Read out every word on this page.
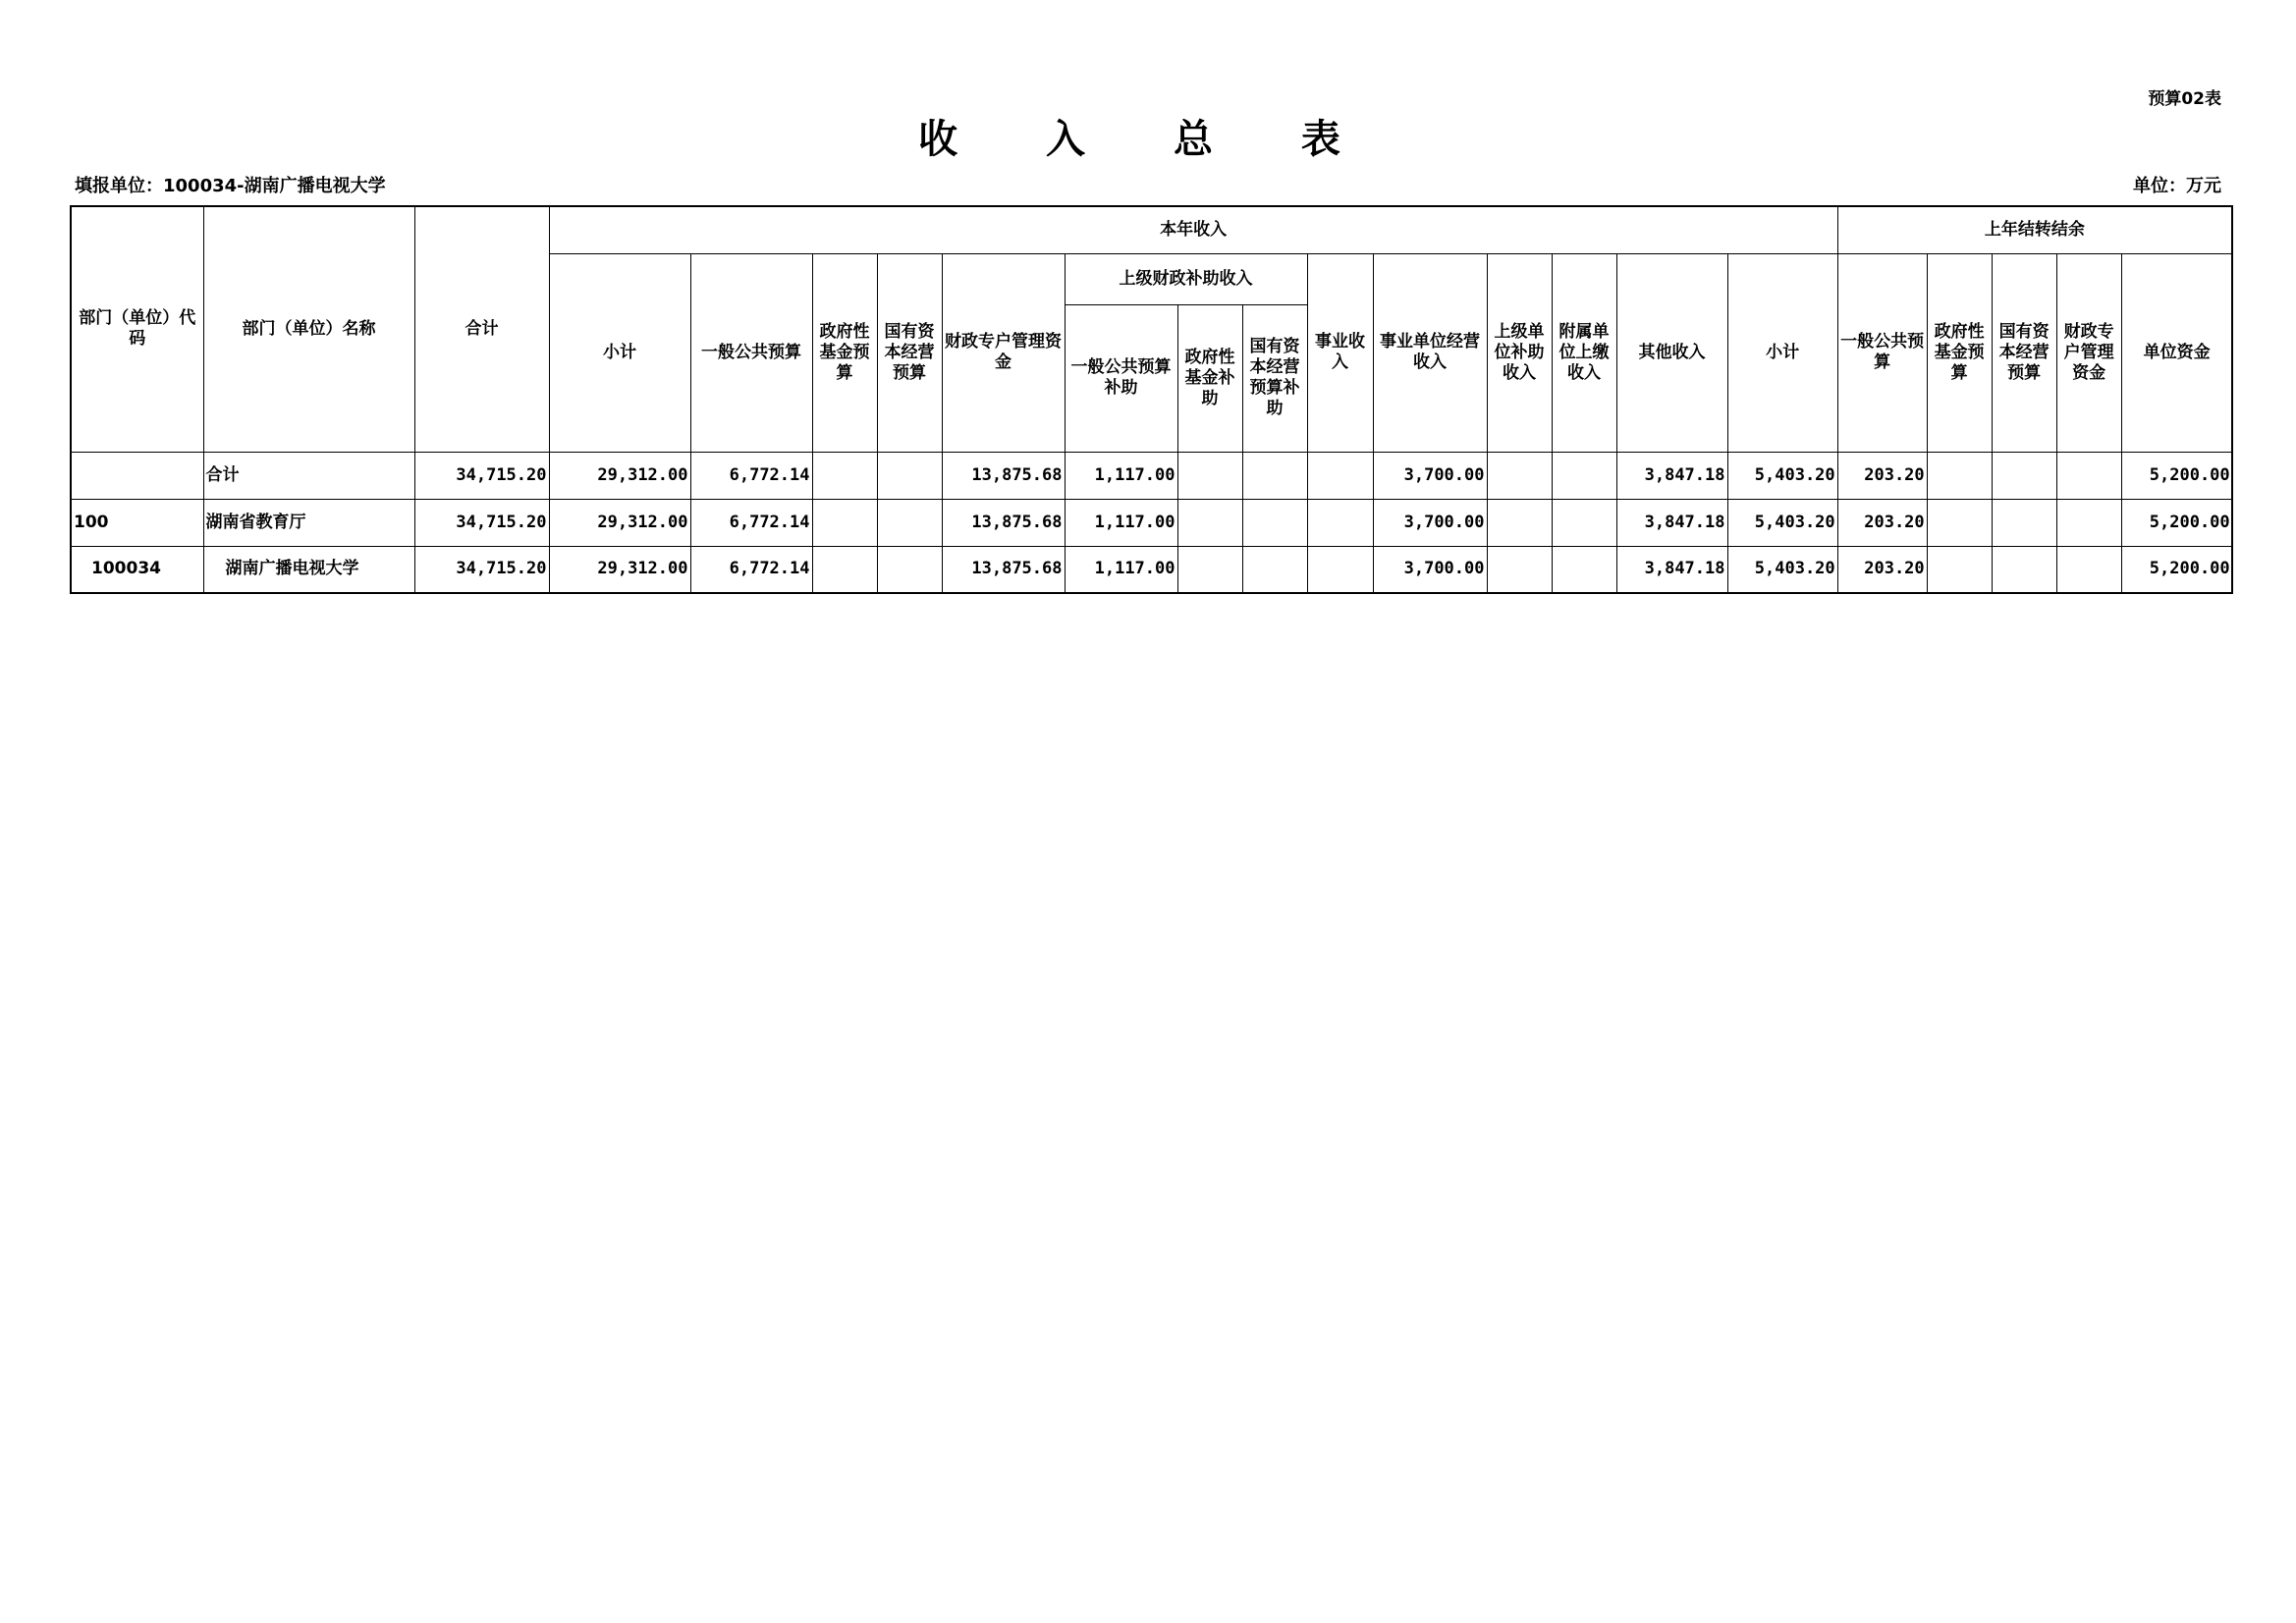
预算02表
收 入 总 表
填报单位：100034-湖南广播电视大学	单位：万元
部门（单位）代码	部门（单位）名称	合计	本年收入														上年结转结余				
			小计	一般公共预算	政府性基金预算	国有资本经营预算	财政专户管理资金	上级财政补助收入			事业收入	事业单位经营收入	上级单位补助收入	附属单位上缴收入	其他收入	小计	一般公共预算	政府性基金预算	国有资本经营预算	财政专户管理资金	单位资金
								一般公共预算补助	政府性基金补助	国有资本经营预算补助											
	合计	34,715.20	29,312.00	6,772.14			13,875.68	1,117.00				3,700.00			3,847.18	5,403.20	203.20				5,200.00
100	湖南省教育厅	34,715.20	29,312.00	6,772.14			13,875.68	1,117.00				3,700.00			3,847.18	5,403.20	203.20				5,200.00
100034	湖南广播电视大学	34,715.20	29,312.00	6,772.14			13,875.68	1,117.00				3,700.00			3,847.18	5,403.20	203.20				5,200.00
